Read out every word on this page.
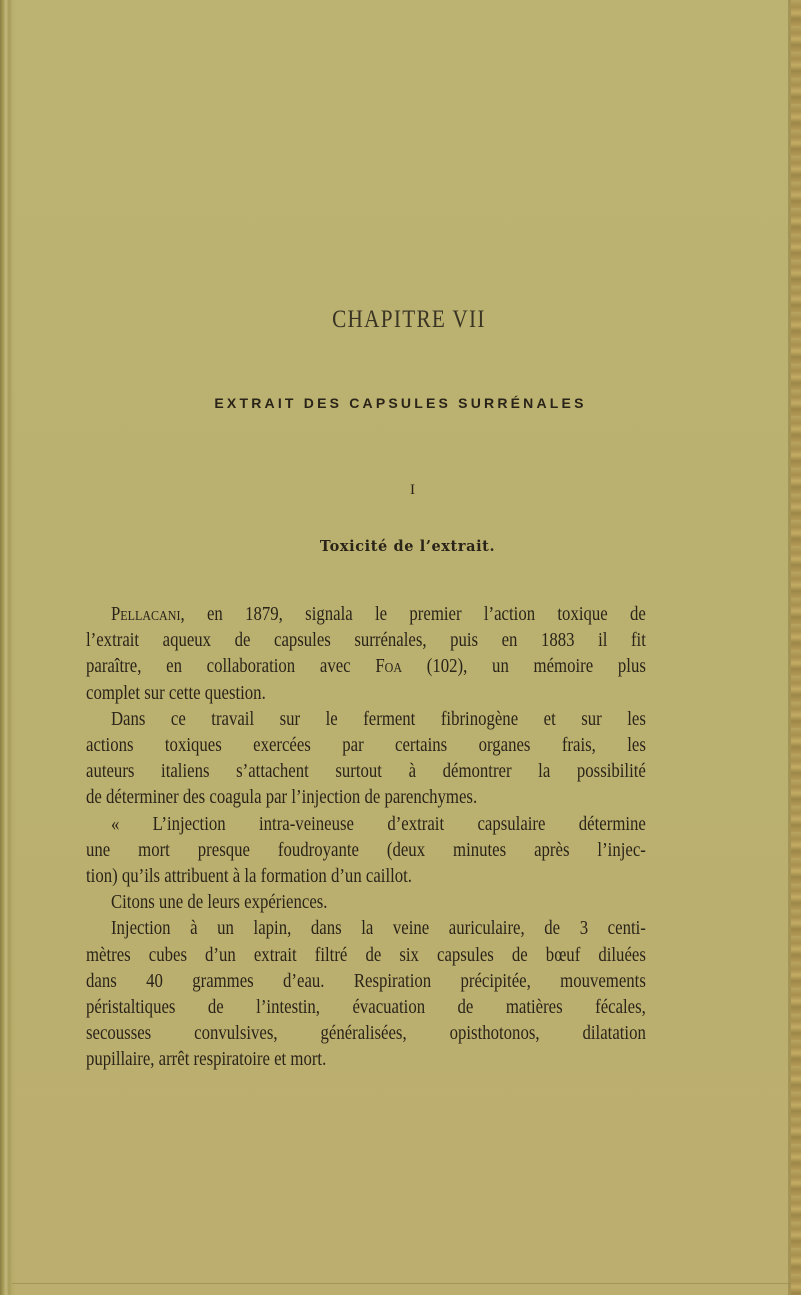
CHAPITRE VII
EXTRAIT DES CAPSULES SURRÉNALES
I
Toxicité de l’extrait.
Pellacani, en 1879, signala le premier l’action toxique de
l’extrait aqueux de capsules surrénales, puis en 1883 il fit
paraître, en collaboration avec Foa (102), un mémoire plus
complet sur cette question.
Dans ce travail sur le ferment fibrinogène et sur les
actions toxiques exercées par certains organes frais, les
auteurs italiens s’attachent surtout à démontrer la possibilité
de déterminer des coagula par l’injection de parenchymes.
« L’injection intra-veineuse d’extrait capsulaire détermine
une mort presque foudroyante (deux minutes après l’injec-
tion) qu’ils attribuent à la formation d’un caillot.
Citons une de leurs expériences.
Injection à un lapin, dans la veine auriculaire, de 3 centi-
mètres cubes d’un extrait filtré de six capsules de bœuf diluées
dans 40 grammes d’eau. Respiration précipitée, mouvements
péristaltiques de l’intestin, évacuation de matières fécales,
secousses convulsives, généralisées, opisthotonos, dilatation
pupillaire, arrêt respiratoire et mort.
